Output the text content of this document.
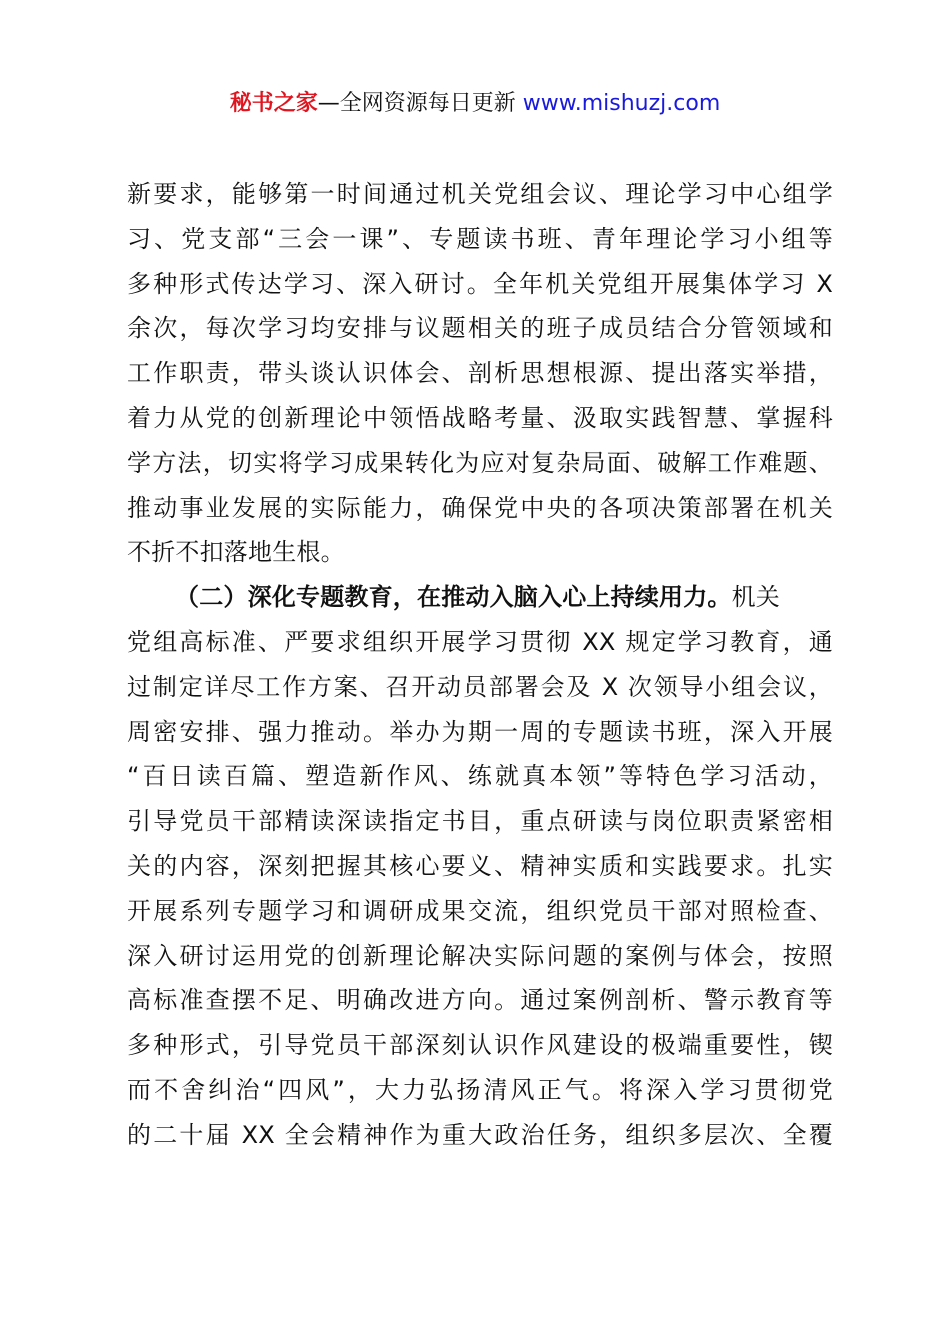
秘书之家—全网资源每日更新 www.mishuzj.com
新要求，能够第一时间通过机关党组会议、理论学习中心组学
习、党支部“三会一课”、专题读书班、青年理论学习小组等
多种形式传达学习、深入研讨。全年机关党组开展集体学习 X
余次，每次学习均安排与议题相关的班子成员结合分管领域和
工作职责，带头谈认识体会、剖析思想根源、提出落实举措，
着力从党的创新理论中领悟战略考量、汲取实践智慧、掌握科
学方法，切实将学习成果转化为应对复杂局面、破解工作难题、
推动事业发展的实际能力，确保党中央的各项决策部署在机关
不折不扣落地生根。
（二）深化专题教育，在推动入脑入心上持续用力。机关
党组高标准、严要求组织开展学习贯彻 XX 规定学习教育，通
过制定详尽工作方案、召开动员部署会及 X 次领导小组会议，
周密安排、强力推动。举办为期一周的专题读书班，深入开展
“百日读百篇、塑造新作风、练就真本领”等特色学习活动，
引导党员干部精读深读指定书目，重点研读与岗位职责紧密相
关的内容，深刻把握其核心要义、精神实质和实践要求。扎实
开展系列专题学习和调研成果交流，组织党员干部对照检查、
深入研讨运用党的创新理论解决实际问题的案例与体会，按照
高标准查摆不足、明确改进方向。通过案例剖析、警示教育等
多种形式，引导党员干部深刻认识作风建设的极端重要性，锲
而不舍纠治“四风”，大力弘扬清风正气。将深入学习贯彻党
的二十届 XX 全会精神作为重大政治任务，组织多层次、全覆
